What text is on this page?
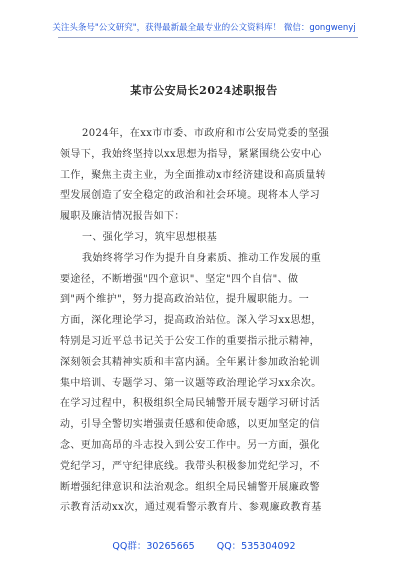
关注头条号"公文研究"，获得最新最全最专业的公文资料库！ 微信：gongwenyj
某市公安局长2024述职报告
2024年，在xx市市委、市政府和市公安局党委的坚强
领导下，我始终坚持以xx思想为指导，紧紧围绕公安中心
工作，聚焦主责主业，为全面推动x市经济建设和高质量转
型发展创造了安全稳定的政治和社会环境。现将本人学习
履职及廉洁情况报告如下：
一、强化学习，筑牢思想根基
我始终将学习作为提升自身素质、推动工作发展的重
要途径，不断增强"四个意识"、坚定"四个自信"、做
到"两个维护"，努力提高政治站位，提升履职能力。一
方面，深化理论学习，提高政治站位。深入学习xx思想，
特别是习近平总书记关于公安工作的重要指示批示精神，
深刻领会其精神实质和丰富内涵。全年累计参加政治轮训
集中培训、专题学习、第一议题等政治理论学习xx余次。
在学习过程中，积极组织全局民辅警开展专题学习研讨活
动，引导全警切实增强责任感和使命感，以更加坚定的信
念、更加高昂的斗志投入到公安工作中。另一方面，强化
党纪学习，严守纪律底线。我带头积极参加党纪学习，不
断增强纪律意识和法治观念。组织全局民辅警开展廉政警
示教育活动xx次，通过观看警示教育片、参观廉政教育基
QQ群：30265665 QQ：535304092
